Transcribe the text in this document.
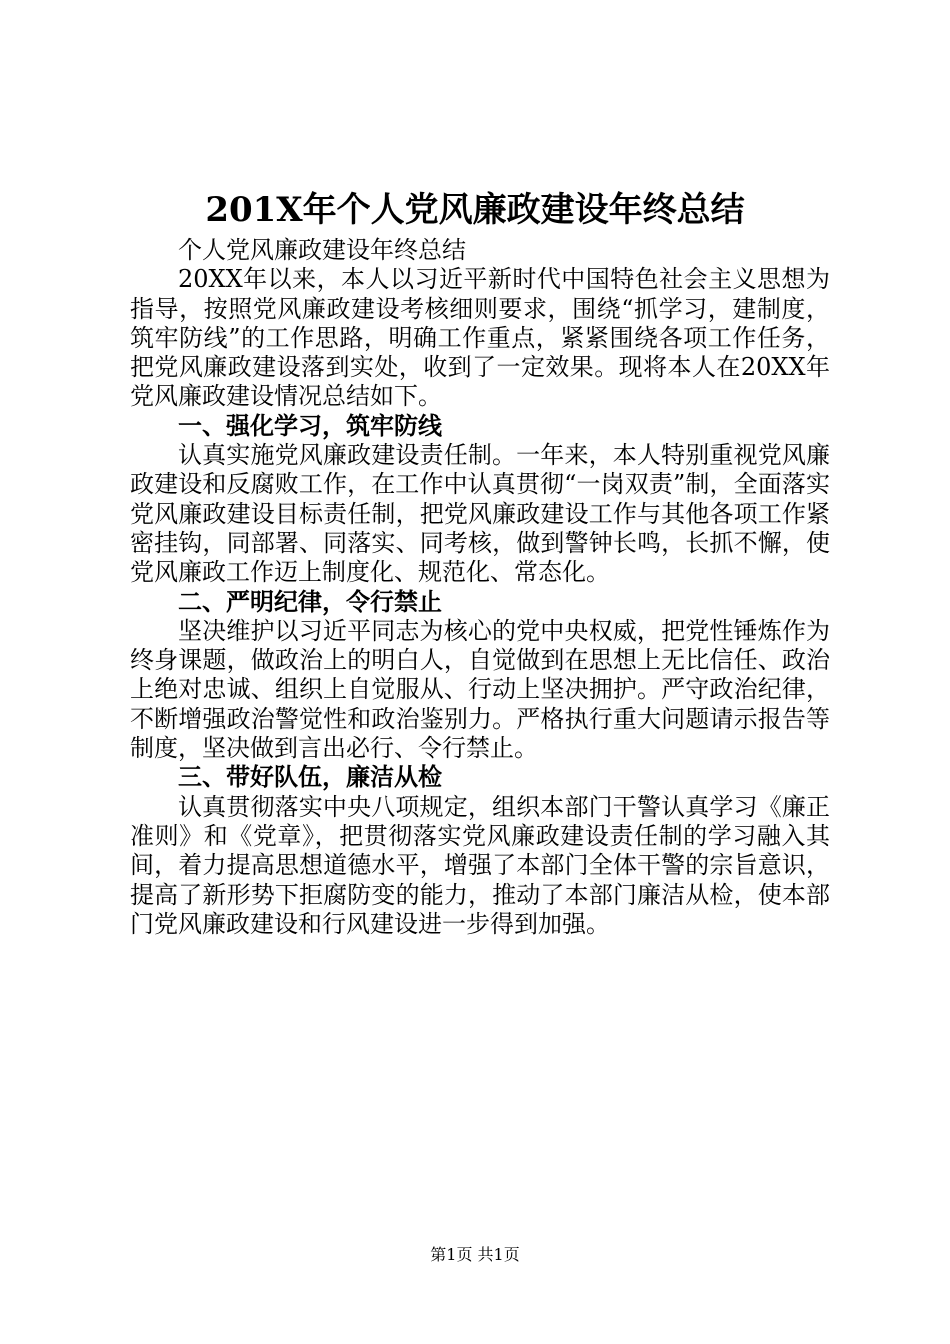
201X年个人党风廉政建设年终总结

个人党风廉政建设年终总结

20XX年以来，本人以习近平新时代中国特色社会主义思想为指导，按照党风廉政建设考核细则要求，围绕“抓学习，建制度，筑牢防线”的工作思路，明确工作重点，紧紧围绕各项工作任务，把党风廉政建设落到实处，收到了一定效果。现将本人在20XX年党风廉政建设情况总结如下。

一、强化学习，筑牢防线

认真实施党风廉政建设责任制。一年来，本人特别重视党风廉政建设和反腐败工作，在工作中认真贯彻“一岗双责”制，全面落实党风廉政建设目标责任制，把党风廉政建设工作与其他各项工作紧密挂钩，同部署、同落实、同考核，做到警钟长鸣，长抓不懈，使党风廉政工作迈上制度化、规范化、常态化。

二、严明纪律，令行禁止

坚决维护以习近平同志为核心的党中央权威，把党性锤炼作为终身课题，做政治上的明白人，自觉做到在思想上无比信任、政治上绝对忠诚、组织上自觉服从、行动上坚决拥护。严守政治纪律，不断增强政治警觉性和政治鉴别力。严格执行重大问题请示报告等制度，坚决做到言出必行、令行禁止。

三、带好队伍，廉洁从检

认真贯彻落实中央八项规定，组织本部门干警认真学习《廉正准则》和《党章》，把贯彻落实党风廉政建设责任制的学习融入其间，着力提高思想道德水平，增强了本部门全体干警的宗旨意识，提高了新形势下拒腐防变的能力，推动了本部门廉洁从检，使本部门党风廉政建设和行风建设进一步得到加强。

第1页 共1页
